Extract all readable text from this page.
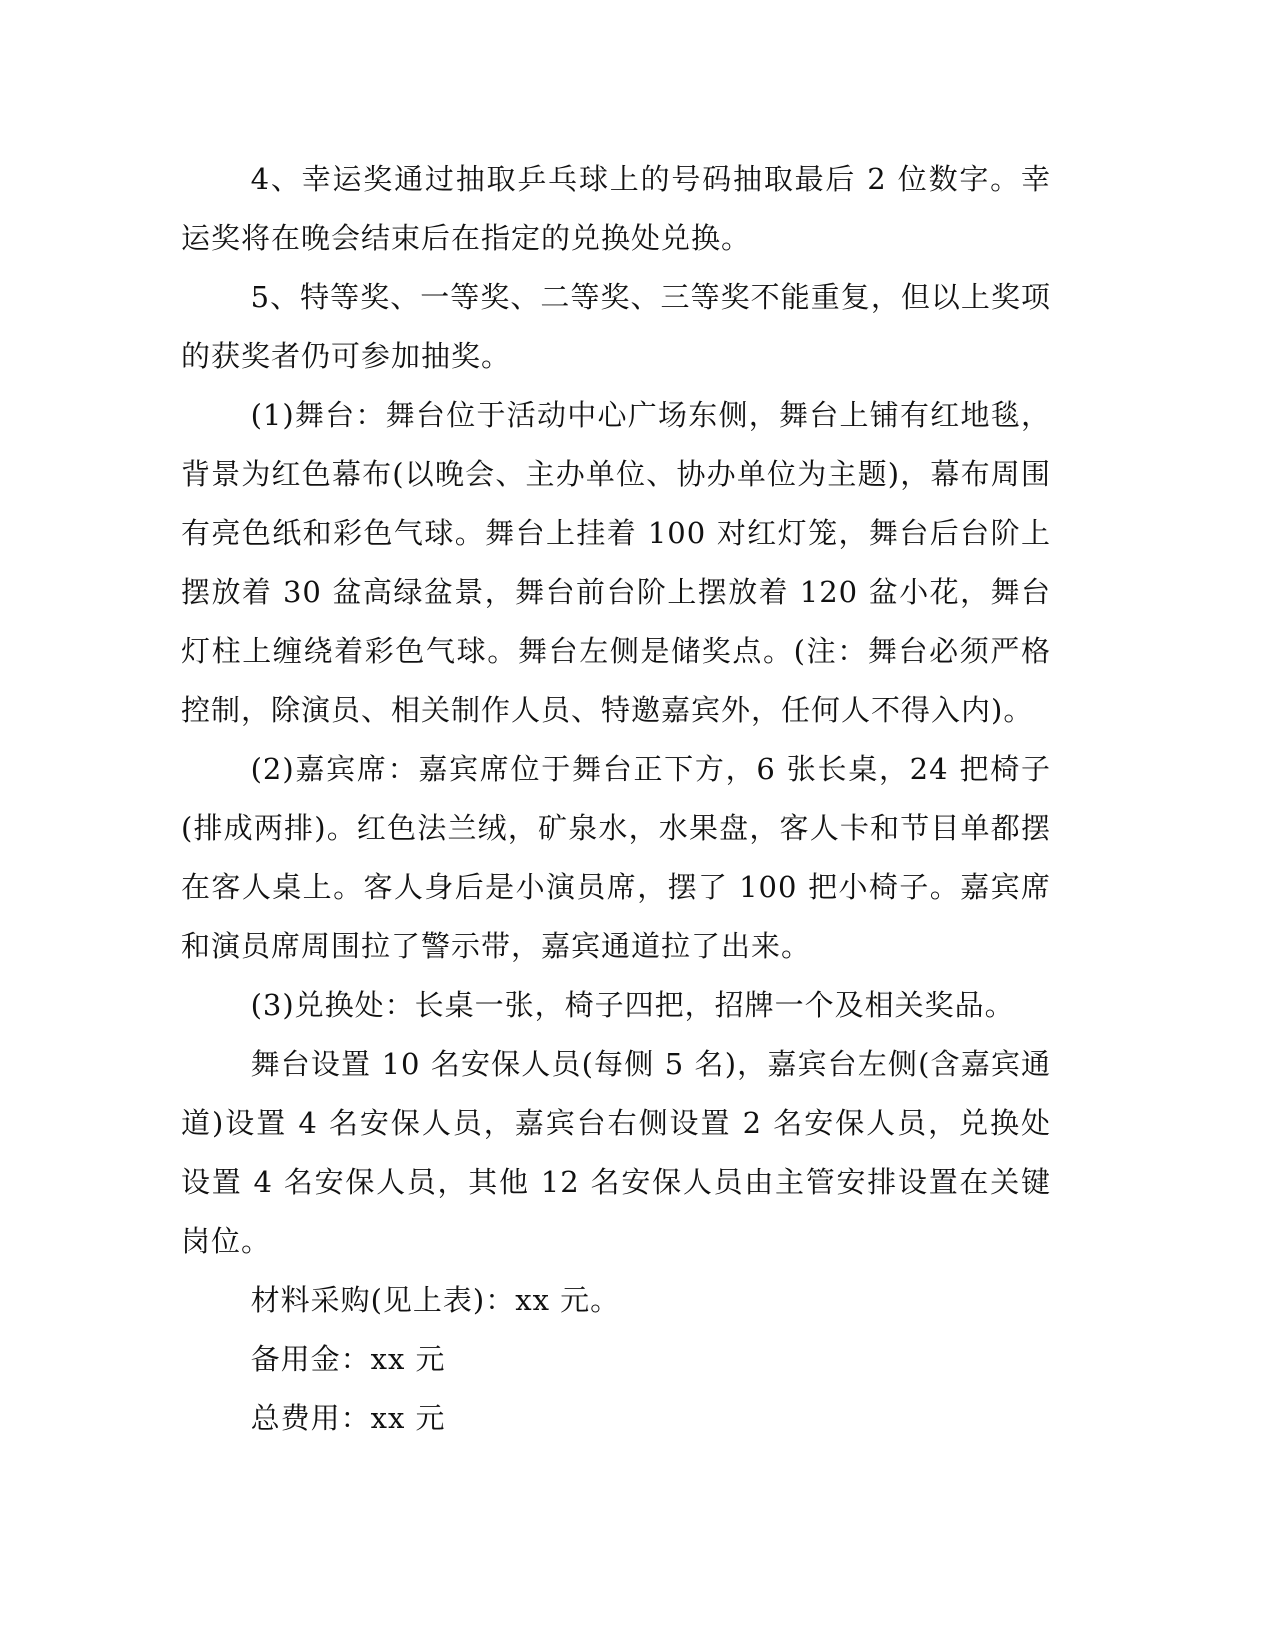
4、幸运奖通过抽取乒乓球上的号码抽取最后 2 位数字。幸运奖将在晚会结束后在指定的兑换处兑换。

5、特等奖、一等奖、二等奖、三等奖不能重复，但以上奖项的获奖者仍可参加抽奖。

(1)舞台：舞台位于活动中心广场东侧，舞台上铺有红地毯，背景为红色幕布(以晚会、主办单位、协办单位为主题)，幕布周围有亮色纸和彩色气球。舞台上挂着 100 对红灯笼，舞台后台阶上摆放着 30 盆高绿盆景，舞台前台阶上摆放着 120 盆小花，舞台灯柱上缠绕着彩色气球。舞台左侧是储奖点。(注：舞台必须严格控制，除演员、相关制作人员、特邀嘉宾外，任何人不得入内)。

(2)嘉宾席：嘉宾席位于舞台正下方，6 张长桌，24 把椅子(排成两排)。红色法兰绒，矿泉水，水果盘，客人卡和节目单都摆在客人桌上。客人身后是小演员席，摆了 100 把小椅子。嘉宾席和演员席周围拉了警示带，嘉宾通道拉了出来。

(3)兑换处：长桌一张，椅子四把，招牌一个及相关奖品。

舞台设置 10 名安保人员(每侧 5 名)，嘉宾台左侧(含嘉宾通道)设置 4 名安保人员，嘉宾台右侧设置 2 名安保人员，兑换处设置 4 名安保人员，其他 12 名安保人员由主管安排设置在关键岗位。

材料采购(见上表)：xx 元。

备用金：xx 元

总费用：xx 元
